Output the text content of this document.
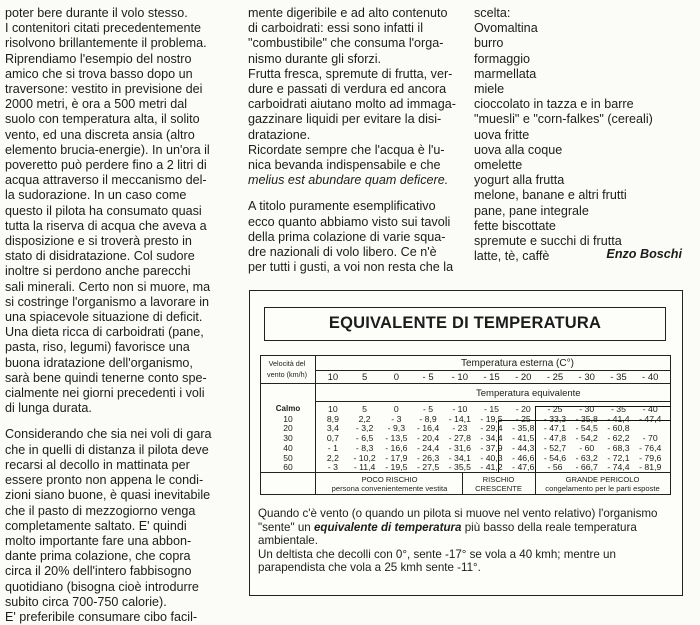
poter bere durante il volo stesso.

I contenitori citati precedentemente

risolvono brillantemente il problema.

Riprendiamo l'esempio del nostro

amico che si trova basso dopo un

traversone: vestito in previsione dei

2000 metri, è ora a 500 metri dal

suolo con temperatura alta, il solito

vento, ed una discreta ansia (altro

elemento brucia-energie). In un'ora il

poveretto può perdere fino a 2 litri di

acqua attraverso il meccanismo del-

la sudorazione. In un caso come

questo il pilota ha consumato quasi

tutta la riserva di acqua che aveva a

disposizione e si troverà presto in

stato di disidratazione. Col sudore

inoltre si perdono anche parecchi

sali minerali. Certo non si muore, ma

si costringe l'organismo a lavorare in

una spiacevole situazione di deficit.

Una dieta ricca di carboidrati (pane,

pasta, riso, legumi) favorisce una

buona idratazione dell'organismo,

sarà bene quindi tenerne conto spe-

cialmente nei giorni precedenti i voli

di lunga durata.

Considerando che sia nei voli di gara

che in quelli di distanza il pilota deve

recarsi al decollo in mattinata per

essere pronto non appena le condi-

zioni siano buone, è quasi inevitabile

che il pasto di mezzogiorno venga

completamente saltato. E' quindi

molto importante fare una abbon-

dante prima colazione, che copra

circa il 20% dell'intero fabbisogno

quotidiano (bisogna cioè introdurre

subito circa 700-750 calorie).

E' preferibile consumare cibo facil-

mente digeribile e ad alto contenuto

di carboidrati: essi sono infatti il

"combustibile" che consuma l'orga-

nismo durante gli sforzi.

Frutta fresca, spremute di frutta, ver-

dure e passati di verdura ed ancora

carboidrati aiutano molto ad immaga-

gazzinare liquidi per evitare la disi-

dratazione.

Ricordate sempre che l'acqua è l'u-

nica bevanda indispensabile e che

melius est abundare quam deficere.

A titolo puramente esemplificativo

ecco quanto abbiamo visto sui tavoli

della prima colazione di varie squa-

dre nazionali di volo libero. Ce n'è

per tutti i gusti, a voi non resta che la

scelta:

Ovomaltina

burro

formaggio

marmellata

miele

cioccolato in tazza e in barre

"muesli" e "corn-falkes" (cereali)

uova fritte

uova alla coque

omelette

yogurt alla frutta

melone, banane e altri frutti

pane, pane integrale

fette biscottate

spremute e succhi di frutta

latte, tè, caffè	Enzo Boschi
EQUIVALENTE DI TEMPERATURA
Velocità del vento (km/h)
Temperatura esterna (C°)
Temperatura equivalente
10	5	0	- 5	- 10	- 15	- 20	- 25	- 30	- 35	- 40
Calmo	10	5	0	- 5	- 10	- 15	- 20	- 25	- 30	- 35	- 40
10	8,9	2,2	- 3	- 8,9	- 14,1	- 19,5	- 25	- 33,3	- 35,8	- 41,4	- 47,4
20	3,4	- 3,2	- 9,3	- 16,4	- 23	- 29,4	- 35,8	- 47,1	- 54,5	- 60,8
30	0,7	- 6,5	- 13,5	- 20,4	- 27,8	- 34,4	- 41,5	- 47,8	- 54,2	- 62,2	- 70
40	- 1	- 8,3	- 16,6	- 24,4	- 31,6	- 37,9	- 44,3	- 52,7	- 60	- 68,3	- 76,4
50	2,2	- 10,2	- 17,9	- 26,3	- 34,1	- 40,3	- 46,6	- 54,6	- 63,2	- 72,1	- 79,6
60	- 3	- 11,4	- 19,5	- 27,5	- 35,5	- 41,2	- 47,6	- 56	- 66,7	- 74,4	- 81,9
POCO RISCHIO
persona convenientemente vestita
RISCHIO
CRESCENTE
GRANDE PERICOLO
congelamento per le parti esposte

Quando c'è vento (o quando un pilota si muove nel vento relativo) l'organismo "sente" un equivalente di temperatura più basso della reale temperatura ambientale.

Un deltista che decolli con 0°, sente -17° se vola a 40 kmh; mentre un parapendista che vola a 25 kmh sente -11°.
